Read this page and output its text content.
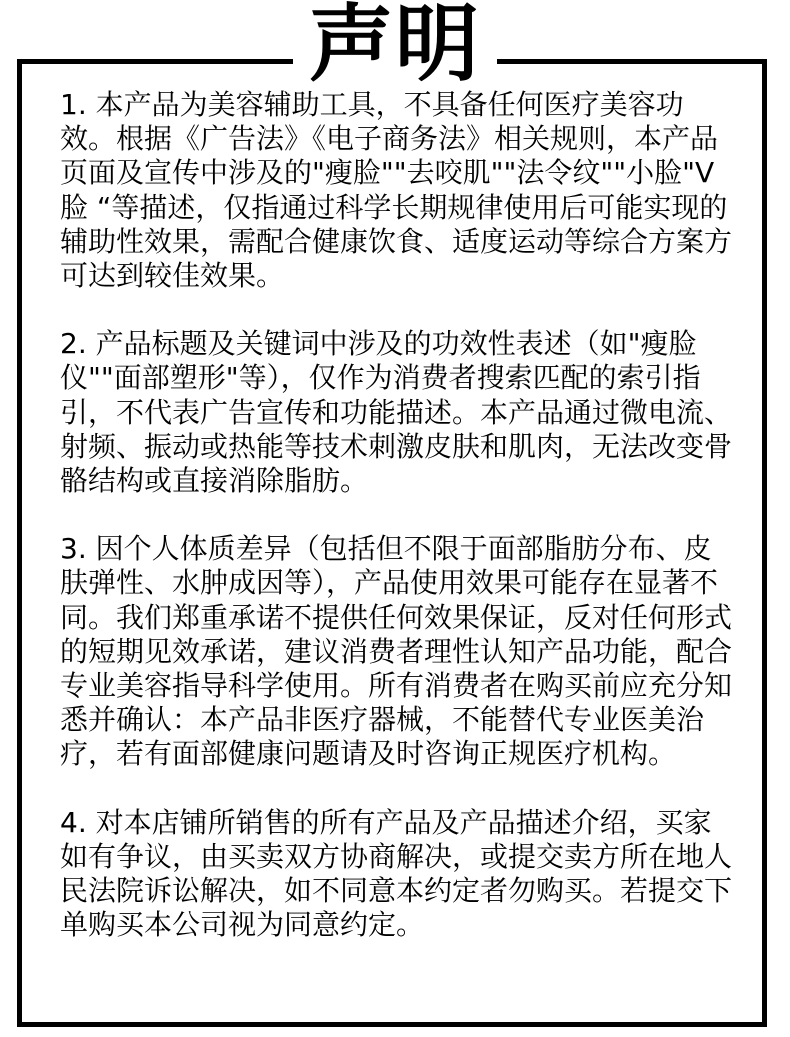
声明

1. 本产品为美容辅助工具，不具备任何医疗美容功效。根据《广告法》《电子商务法》相关规则，本产品页面及宣传中涉及的"瘦脸""去咬肌""法令纹""小脸"V脸 “等描述，仅指通过科学长期规律使用后可能实现的辅助性效果，需配合健康饮食、适度运动等综合方案方可达到较佳效果。

2. 产品标题及关键词中涉及的功效性表述（如"瘦脸仪""面部塑形"等），仅作为消费者搜索匹配的索引指引，不代表广告宣传和功能描述。本产品通过微电流、射频、振动或热能等技术刺激皮肤和肌肉，无法改变骨骼结构或直接消除脂肪。

3. 因个人体质差异（包括但不限于面部脂肪分布、皮肤弹性、水肿成因等），产品使用效果可能存在显著不同。我们郑重承诺不提供任何效果保证，反对任何形式的短期见效承诺，建议消费者理性认知产品功能，配合专业美容指导科学使用。所有消费者在购买前应充分知悉并确认：本产品非医疗器械，不能替代专业医美治疗，若有面部健康问题请及时咨询正规医疗机构。

4. 对本店铺所销售的所有产品及产品描述介绍，买家如有争议，由买卖双方协商解决，或提交卖方所在地人民法院诉讼解决，如不同意本约定者勿购买。若提交下单购买本公司视为同意约定。
